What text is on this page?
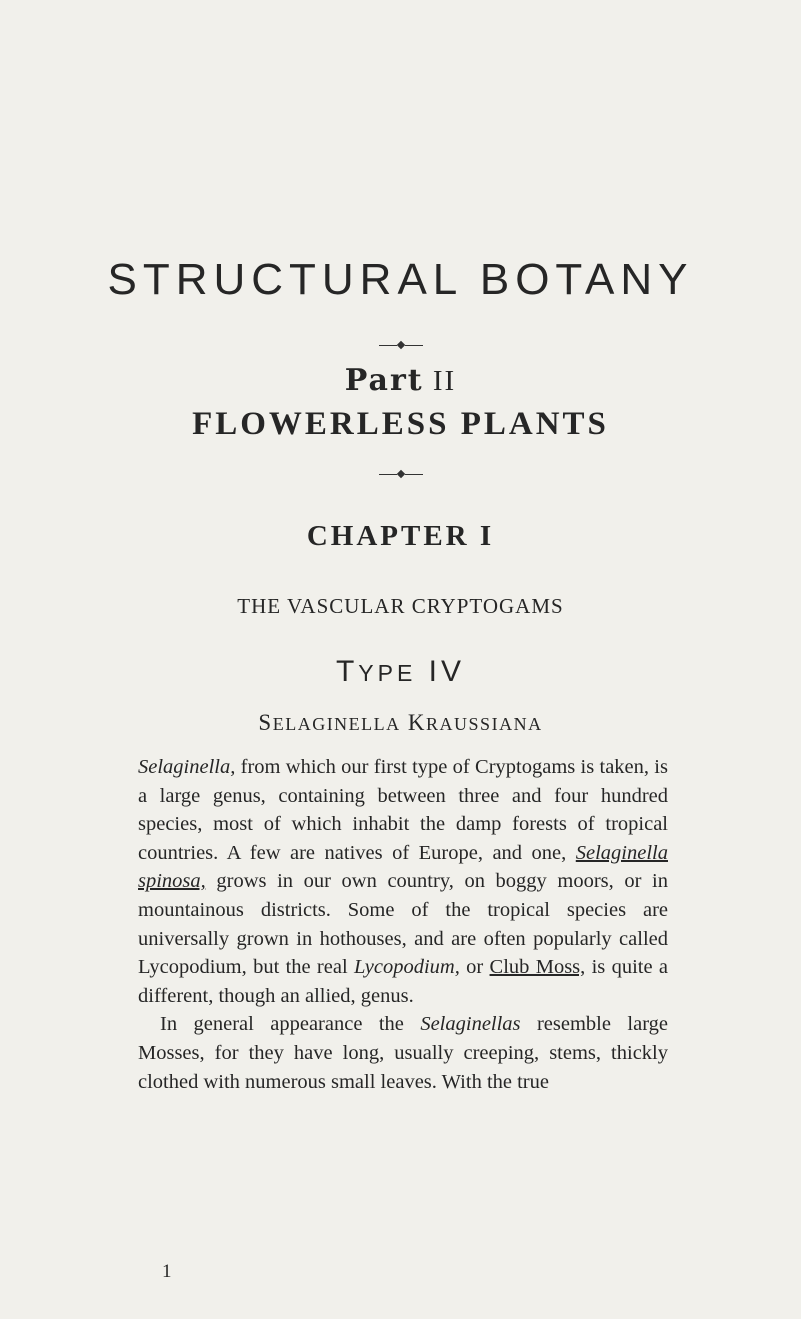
STRUCTURAL BOTANY
Part II
FLOWERLESS PLANTS
CHAPTER I
THE VASCULAR CRYPTOGAMS
TYPE IV
SELAGINELLA KRAUSSIANA

Selaginella, from which our first type of Cryptogams is taken, is a large genus, containing between three and four hundred species, most of which inhabit the damp forests of tropical countries. A few are natives of Europe, and one, Selaginella spinosa, grows in our own country, on boggy moors, or in mountainous districts. Some of the tropical species are universally grown in hothouses, and are often popularly called Lycopodium, but the real Lycopodium, or Club Moss, is quite a different, though an allied, genus.

In general appearance the Selaginellas resemble large Mosses, for they have long, usually creeping, stems, thickly clothed with numerous small leaves. With the true

1
